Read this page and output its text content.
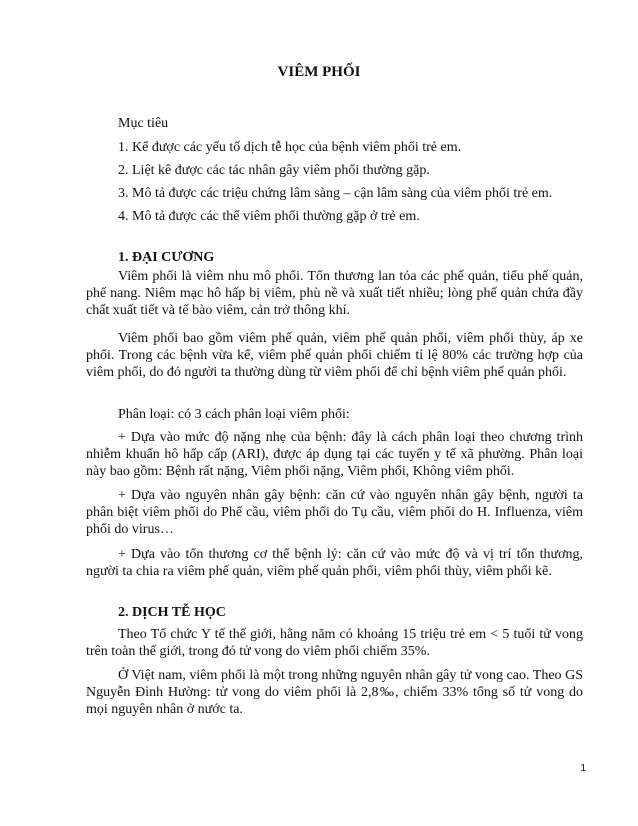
VIÊM PHỔI
Mục tiêu
1. Kể được các yếu tố dịch tễ học của bệnh viêm phổi trẻ em.
2. Liệt kê được các tác nhân gây viêm phổi thường gặp.
3. Mô tả được các triệu chứng lâm sàng – cận lâm sàng của viêm phổi trẻ em.
4. Mô tả được các thể viêm phổi thường gặp ở trẻ em.
1. ĐẠI CƯƠNG
Viêm phổi là viêm nhu mô phổi. Tổn thương lan tỏa các phế quản, tiểu phế quản, phế nang. Niêm mạc hô hấp bị viêm, phù nề và xuất tiết nhiều; lòng phế quản chứa đầy chất xuất tiết và tế bào viêm, cản trở thông khí.
Viêm phổi bao gồm viêm phế quản, viêm phế quản phổi, viêm phổi thùy, áp xe phổi. Trong các bệnh vừa kể, viêm phế quản phổi chiếm tỉ lệ 80% các trường hợp của viêm phổi, do đó người ta thường dùng từ viêm phổi để chỉ bệnh viêm phế quản phổi.
Phân loại: có 3 cách phân loại viêm phổi:
+ Dựa vào mức độ nặng nhẹ của bệnh: đây là cách phân loại theo chương trình nhiễm khuẩn hô hấp cấp (ARI), được áp dụng tại các tuyến y tế xã phường. Phân loại này bao gồm: Bệnh rất nặng, Viêm phổi nặng, Viêm phổi, Không viêm phổi.
+ Dựa vào nguyên nhân gây bệnh: căn cứ vào nguyên nhân gây bệnh, người ta phân biệt viêm phổi do Phế cầu, viêm phổi do Tụ cầu, viêm phổi do H. Influenza, viêm phổi do virus…
+ Dựa vào tổn thương cơ thể bệnh lý: căn cứ vào mức độ và vị trí tổn thương, người ta chia ra viêm phế quản, viêm phế quản phổi, viêm phổi thùy, viêm phổi kẽ.
2. DỊCH TỄ HỌC
Theo Tổ chức Y tế thế giới, hằng năm có khoảng 15 triệu trẻ em < 5 tuổi tử vong trên toàn thế giới, trong đó tử vong do viêm phổi chiếm 35%.
Ở Việt nam, viêm phổi là một trong những nguyên nhân gây tử vong cao. Theo GS Nguyễn Đình Hường: tử vong do viêm phổi là 2,8‰, chiếm 33% tổng số tử vong do mọi nguyên nhân ở nước ta.
1
